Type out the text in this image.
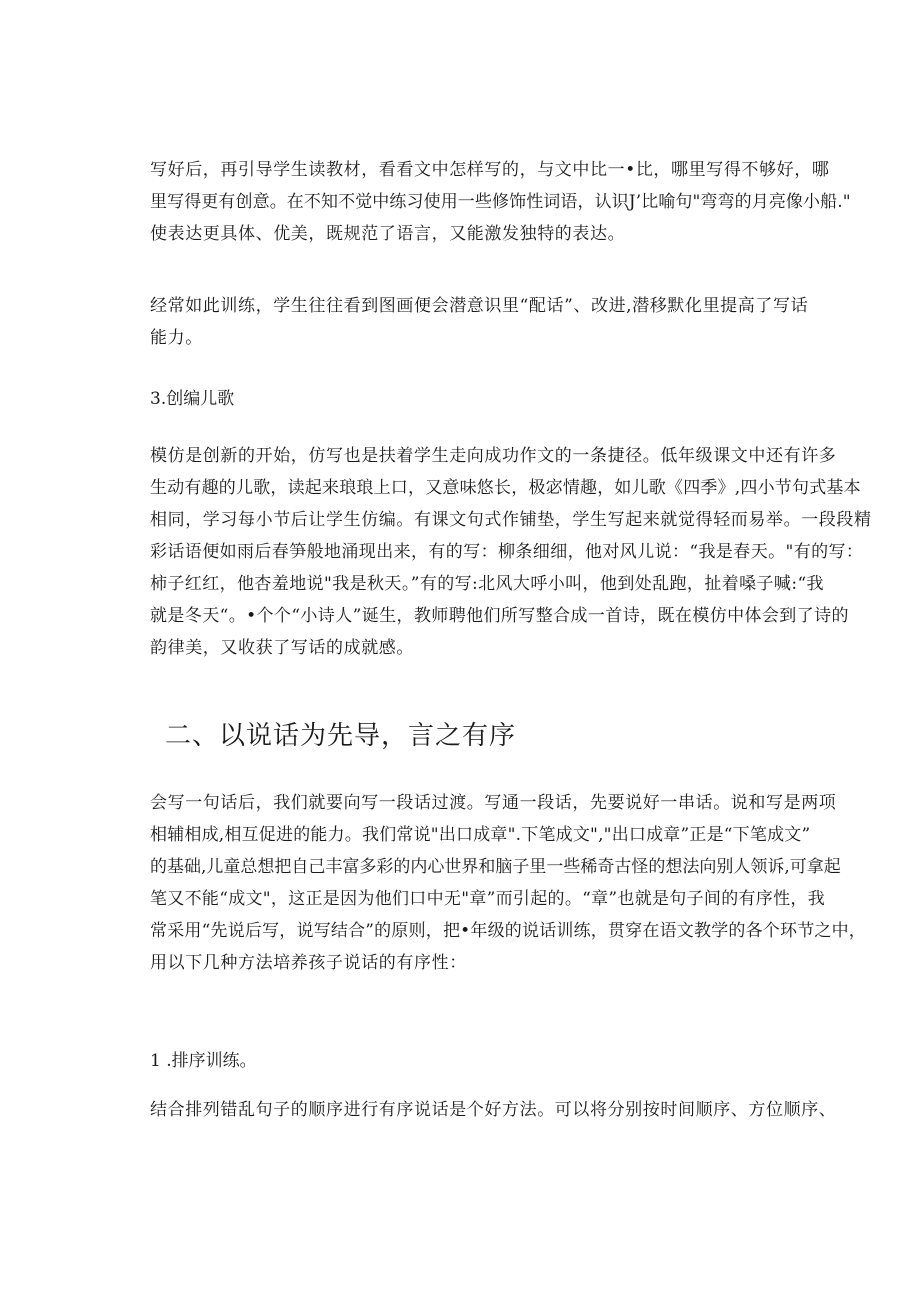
写好后，再引导学生读教材，看看文中怎样写的，与文中比一•比，哪里写得不够好，哪
里写得更有创意。在不知不觉中练习使用一些修饰性词语，认识J’比喻句"弯弯的月亮像小船."
使表达更具体、优美，既规范了语言，又能激发独特的表达。
经常如此训练，学生往往看到图画便会潜意识里“配话”、改进,潜移默化里提高了写话
能力。
3.创编儿歌
模仿是创新的开始，仿写也是扶着学生走向成功作文的一条捷径。低年级课文中还有许多
生动有趣的儿歌，读起来琅琅上口，又意味悠长，极宓情趣，如儿歌《四季》,四小节句式基本
相同，学习每小节后让学生仿编。有课文句式作铺垫，学生写起来就觉得轻而易举。一段段精
彩话语便如雨后春笋般地涌现出来，有的写：柳条细细，他对风儿说：“我是春天。"有的写：
柿子红红，他杏羞地说"我是秋天。”有的写:北风大呼小叫，他到处乱跑，扯着嗓子喊:“我
就是冬天“。•个个“小诗人”诞生，教师聘他们所写整合成一首诗，既在模仿中体会到了诗的
韵律美，又收获了写话的成就感。
二、以说话为先导，言之有序
会写一句话后，我们就要向写一段话过渡。写通一段话，先要说好一串话。说和写是两项
相辅相成,相互促进的能力。我们常说"出口成章".下笔成文","出口成章”正是“下笔成文”
的基础,儿童总想把自己丰富多彩的内心世界和脑子里一些稀奇古怪的想法向别人领诉,可拿起
笔又不能“成文"，这正是因为他们口中无"章”而引起的。“章”也就是句子间的有序性，我
常采用“先说后写，说写结合”的原则，把•年级的说话训练，贯穿在语文教学的各个环节之中，
用以下几种方法培养孩子说话的有序性：
1 .排序训练。
结合排列错乱句子的顺序进行有序说话是个好方法。可以将分别按时间顺序、方位顺序、
